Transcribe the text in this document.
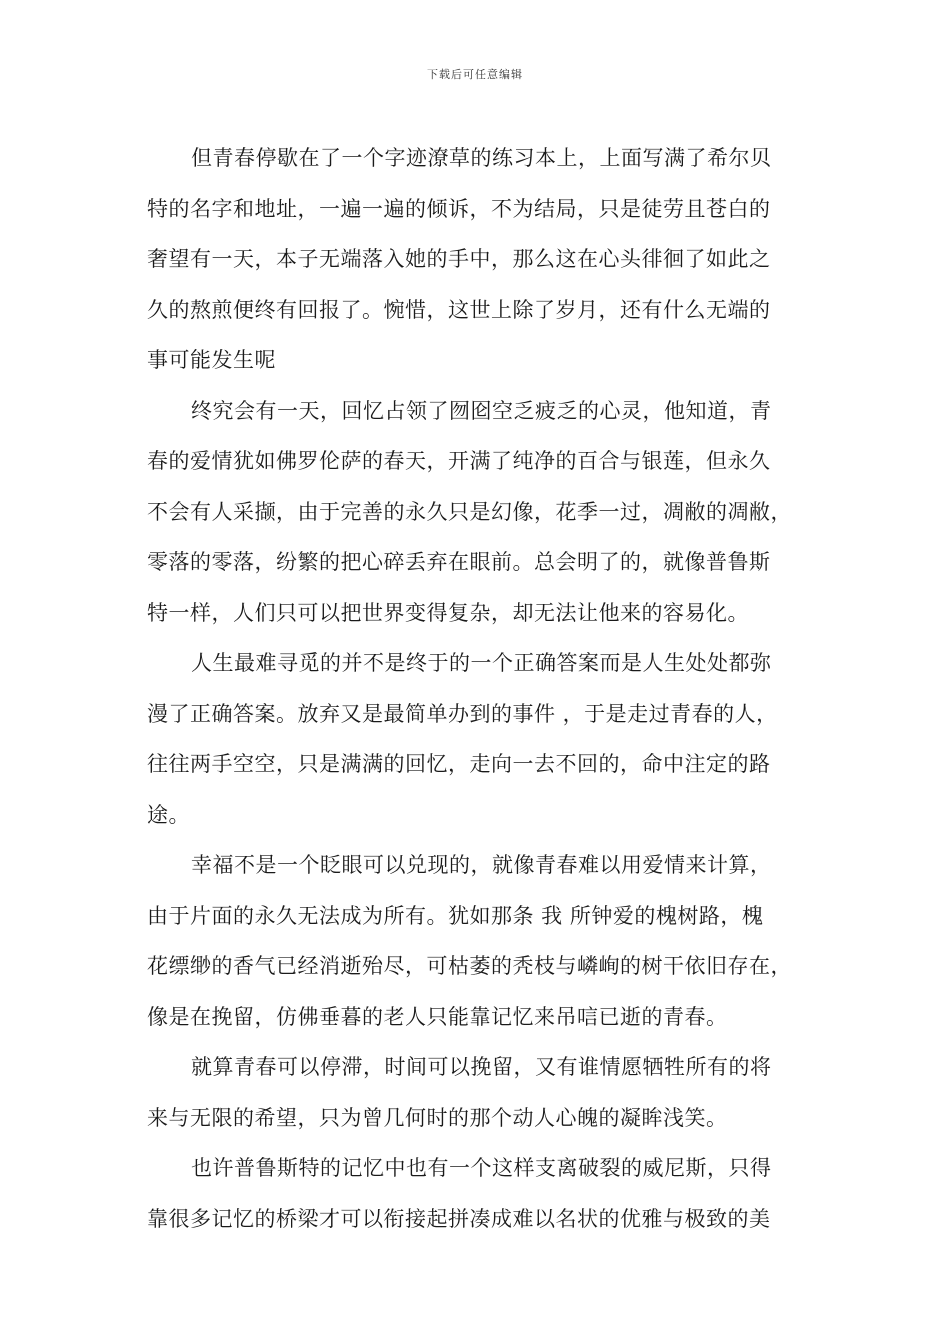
下载后可任意编辑

但青春停歇在了一个字迹潦草的练习本上，上面写满了希尔贝
特的名字和地址，一遍一遍的倾诉，不为结局，只是徒劳且苍白的
奢望有一天，本子无端落入她的手中，那么这在心头徘徊了如此之
久的熬煎便终有回报了。惋惜，这世上除了岁月，还有什么无端的
事可能发生呢

终究会有一天，回忆占领了囫囵空乏疲乏的心灵，他知道，青
春的爱情犹如佛罗伦萨的春天，开满了纯净的百合与银莲，但永久
不会有人采撷，由于完善的永久只是幻像，花季一过，凋敝的凋敝，
零落的零落，纷繁的把心碎丢弃在眼前。总会明了的，就像普鲁斯
特一样，人们只可以把世界变得复杂，却无法让他来的容易化。

人生最难寻觅的并不是终于的一个正确答案而是人生处处都弥
漫了正确答案。放弃又是最简单办到的事件 ，于是走过青春的人，
往往两手空空，只是满满的回忆，走向一去不回的，命中注定的路
途。

幸福不是一个眨眼可以兑现的，就像青春难以用爱情来计算，
由于片面的永久无法成为所有。犹如那条 我 所钟爱的槐树路，槐
花缥缈的香气已经消逝殆尽，可枯萎的秃枝与嶙峋的树干依旧存在，
像是在挽留，仿佛垂暮的老人只能靠记忆来吊唁已逝的青春。

就算青春可以停滞，时间可以挽留，又有谁情愿牺牲所有的将
来与无限的希望，只为曾几何时的那个动人心魄的凝眸浅笑。

也许普鲁斯特的记忆中也有一个这样支离破裂的威尼斯，只得
靠很多记忆的桥梁才可以衔接起拼凑成难以名状的优雅与极致的美
